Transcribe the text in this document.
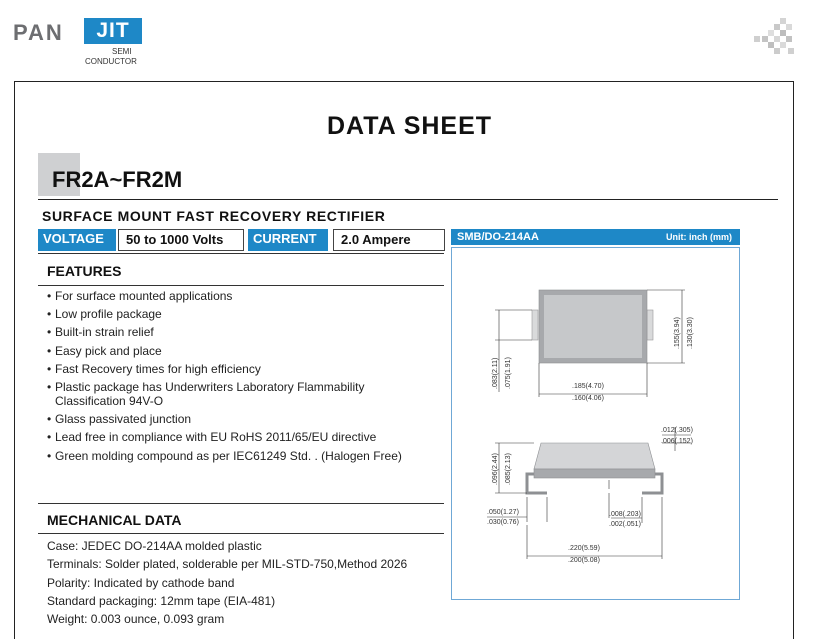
PAN	JIT
SEMI
CONDUCTOR
DATA SHEET
FR2A~FR2M
SURFACE MOUNT FAST RECOVERY RECTIFIER
VOLTAGE	50 to 1000 Volts	CURRENT	2.0 Ampere	SMB/DO-214AA	Unit: inch (mm)
.155(3.94) .130(3.30)
.083(2.11) .075(1.91)	.185(4.70)
.160(4.06)
.012(.305)
.006(.152)
.096(2.44) .085(2.13)
.050(1.27)
.030(0.76)
.008(.203)
.002(.051)
.220(5.59)
.200(5.08)
FEATURES
• For surface mounted applications
• Low profile package
• Built-in strain relief
• Easy pick and place
• Fast Recovery times for high efficiency
• Plastic package has Underwriters Laboratory Flammability Classification 94V-O
• Glass passivated junction
• Lead free in compliance with EU RoHS 2011/65/EU directive
• Green molding compound as per IEC61249 Std. . (Halogen Free)
MECHANICAL DATA
Case: JEDEC DO-214AA molded plastic
Terminals: Solder plated, solderable per MIL-STD-750,Method 2026
Polarity: Indicated by cathode band
Standard packaging: 12mm tape (EIA-481)
Weight: 0.003 ounce, 0.093 gram
